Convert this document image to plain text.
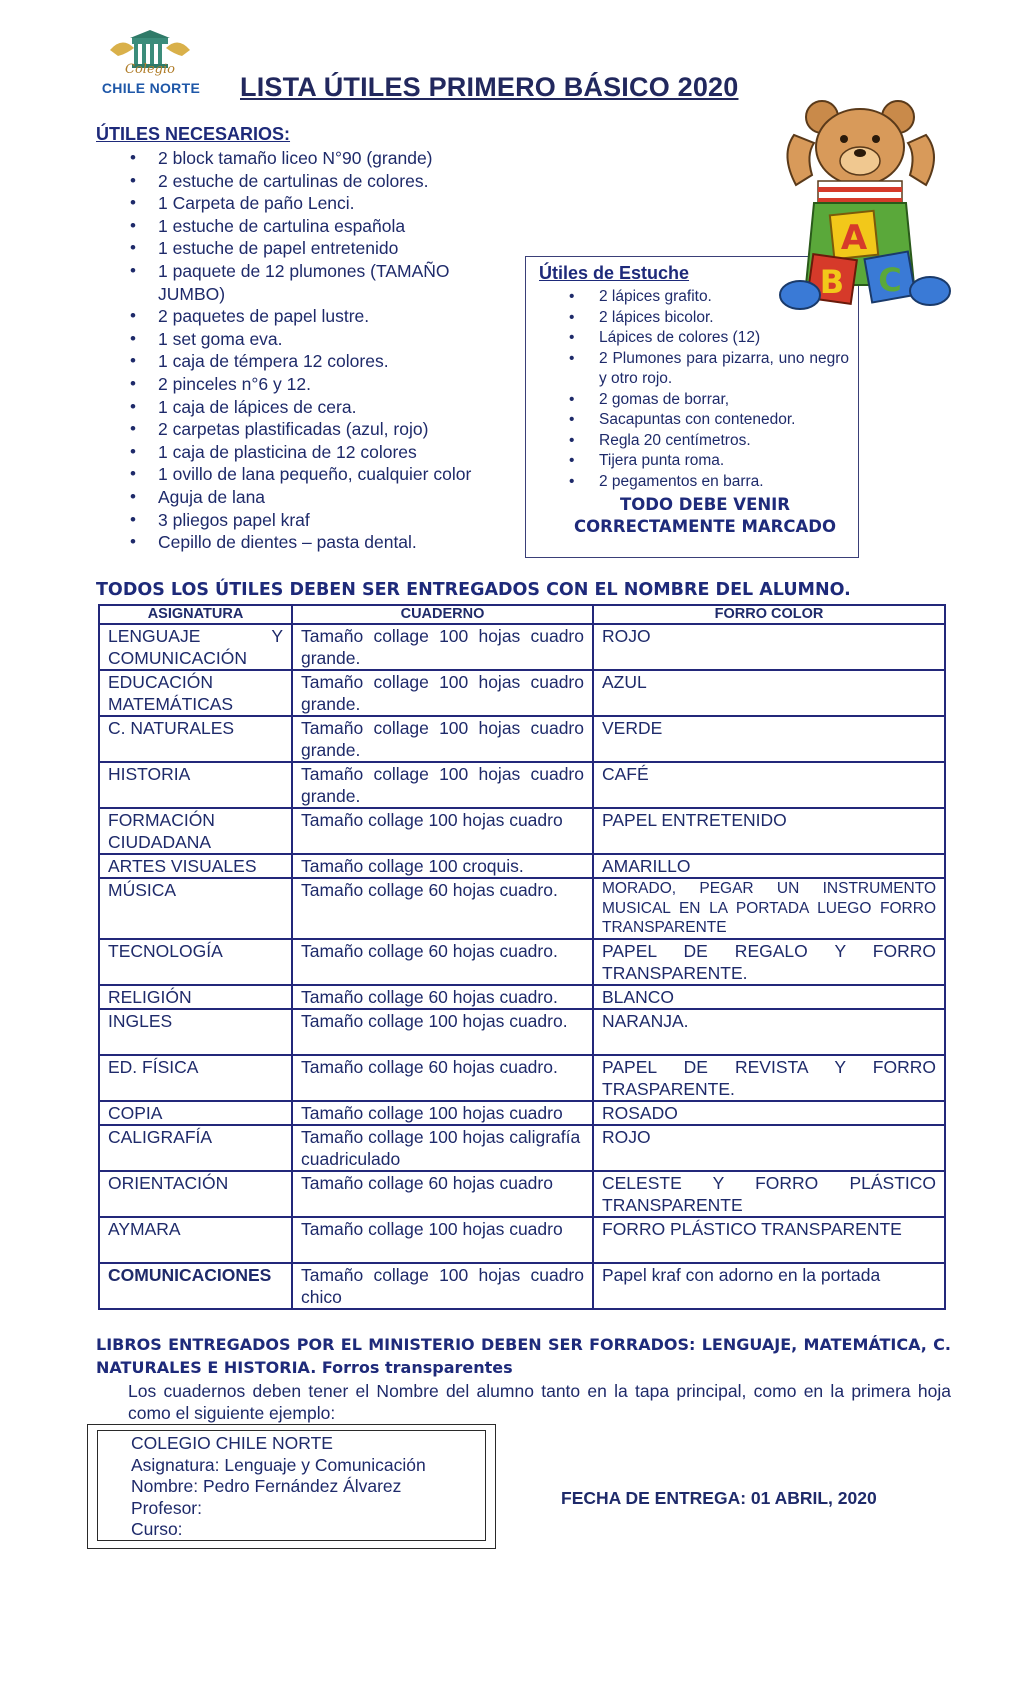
Colegio
CHILE NORTE LISTA ÚTILES PRIMERO BÁSICO 2020
ÚTILES NECESARIOS:
• 2 block tamaño liceo N°90 (grande)
• 2 estuche de cartulinas de colores.
• 1 Carpeta de paño Lenci.
• 1 estuche de cartulina española
• 1 estuche de papel entretenido
• 1 paquete de 12 plumones (TAMAÑO JUMBO)
• 2 paquetes de papel lustre.
• 1 set goma eva.
• 1 caja de témpera 12 colores.
• 2 pinceles n°6 y 12.
• 1 caja de lápices de cera.
• 2 carpetas plastificadas (azul, rojo)
• 1 caja de plasticina de 12 colores
• 1 ovillo de lana pequeño, cualquier color
• Aguja de lana
• 3 pliegos papel kraf
• Cepillo de dientes – pasta dental.
Útiles de Estuche
• 2 lápices grafito.
• 2 lápices bicolor.
• Lápices de colores (12)
• 2 Plumones para pizarra, uno negro y otro rojo.
• 2 gomas de borrar,
• Sacapuntas con contenedor.
• Regla 20 centímetros.
• Tijera punta roma.
• 2 pegamentos en barra.
TODO DEBE VENIR
CORRECTAMENTE MARCADO
A
B C
TODOS LOS ÚTILES DEBEN SER ENTREGADOS CON EL NOMBRE DEL ALUMNO.
ASIGNATURA	CUADERNO	FORRO COLOR
LENGUAJE Y COMUNICACIÓN	Tamaño collage 100 hojas cuadro grande.	ROJO
EDUCACIÓN MATEMÁTICAS	Tamaño collage 100 hojas cuadro grande.	AZUL
C. NATURALES	Tamaño collage 100 hojas cuadro grande.	VERDE
HISTORIA	Tamaño collage 100 hojas cuadro grande.	CAFÉ
FORMACIÓN CIUDADANA	Tamaño collage 100 hojas cuadro	PAPEL ENTRETENIDO
ARTES VISUALES	Tamaño collage 100 croquis.	AMARILLO
MÚSICA	Tamaño collage 60 hojas cuadro.	MORADO, PEGAR UN INSTRUMENTO MUSICAL EN LA PORTADA LUEGO FORRO TRANSPARENTE
TECNOLOGÍA	Tamaño collage 60 hojas cuadro.	PAPEL DE REGALO Y FORRO TRANSPARENTE.
RELIGIÓN	Tamaño collage 60 hojas cuadro.	BLANCO
INGLES	Tamaño collage 100 hojas cuadro.	NARANJA.
ED. FÍSICA	Tamaño collage 60 hojas cuadro.	PAPEL DE REVISTA Y FORRO TRASPARENTE.
COPIA	Tamaño collage 100 hojas cuadro	ROSADO
CALIGRAFÍA	Tamaño collage 100 hojas caligrafía cuadriculado	ROJO
ORIENTACIÓN	Tamaño collage 60 hojas cuadro	CELESTE Y FORRO PLÁSTICO TRANSPARENTE
AYMARA	Tamaño collage 100 hojas cuadro	FORRO PLÁSTICO TRANSPARENTE
COMUNICACIONES	Tamaño collage 100 hojas cuadro chico	Papel kraf con adorno en la portada
LIBROS ENTREGADOS POR EL MINISTERIO DEBEN SER FORRADOS: LENGUAJE, MATEMÁTICA, C. NATURALES E HISTORIA. Forros transparentes
Los cuadernos deben tener el Nombre del alumno tanto en la tapa principal, como en la primera hoja como el siguiente ejemplo:
COLEGIO CHILE NORTE
Asignatura: Lenguaje y Comunicación
Nombre: Pedro Fernández Álvarez
Profesor:
Curso:
FECHA DE ENTREGA: 01 ABRIL, 2020
